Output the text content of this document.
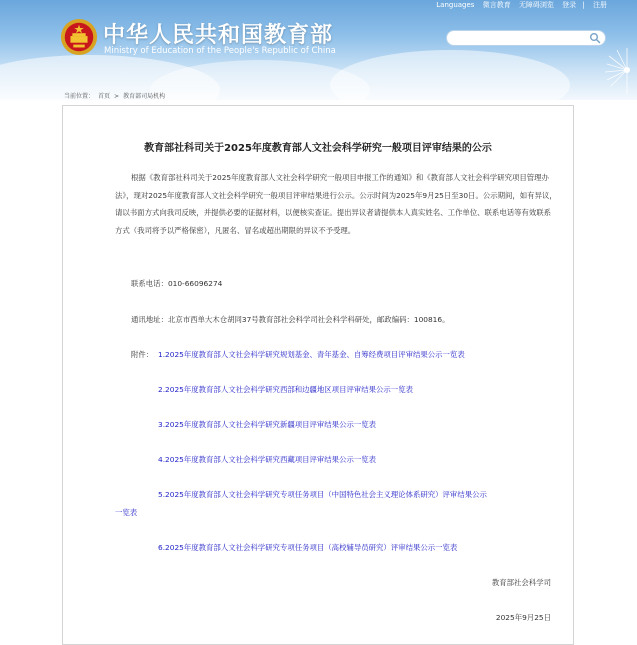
中华人民共和国教育部
Ministry of Education of the People's Republic of China
Languages 微言教育 无障碍浏览 登录 | 注册
当前位置： 首页 > 教育部司局机构
教育部社科司关于2025年度教育部人文社会科学研究一般项目评审结果的公示
根据《教育部社科司关于2025年度教育部人文社会科学研究一般项目申报工作的通知》和《教育部人文社会科学研究项目管理办法》，现对2025年度教育部人文社会科学研究一般项目评审结果进行公示。公示时间为2025年9月25日至30日。公示期间，如有异议，请以书面方式向我司反映，并提供必要的证据材料，以便核实查证。提出异议者请提供本人真实姓名、工作单位、联系电话等有效联系方式（我司将予以严格保密），凡匿名、冒名或超出期限的异议不予受理。
联系电话：010-66096274
通讯地址：北京市西单大木仓胡同37号教育部社会科学司社会科学科研处，邮政编码：100816。
附件： 1.2025年度教育部人文社会科学研究规划基金、青年基金、自筹经费项目评审结果公示一览表
2.2025年度教育部人文社会科学研究西部和边疆地区项目评审结果公示一览表
3.2025年度教育部人文社会科学研究新疆项目评审结果公示一览表
4.2025年度教育部人文社会科学研究西藏项目评审结果公示一览表
5.2025年度教育部人文社会科学研究专项任务项目（中国特色社会主义理论体系研究）评审结果公示
一览表
6.2025年度教育部人文社会科学研究专项任务项目（高校辅导员研究）评审结果公示一览表
教育部社会科学司
2025年9月25日
